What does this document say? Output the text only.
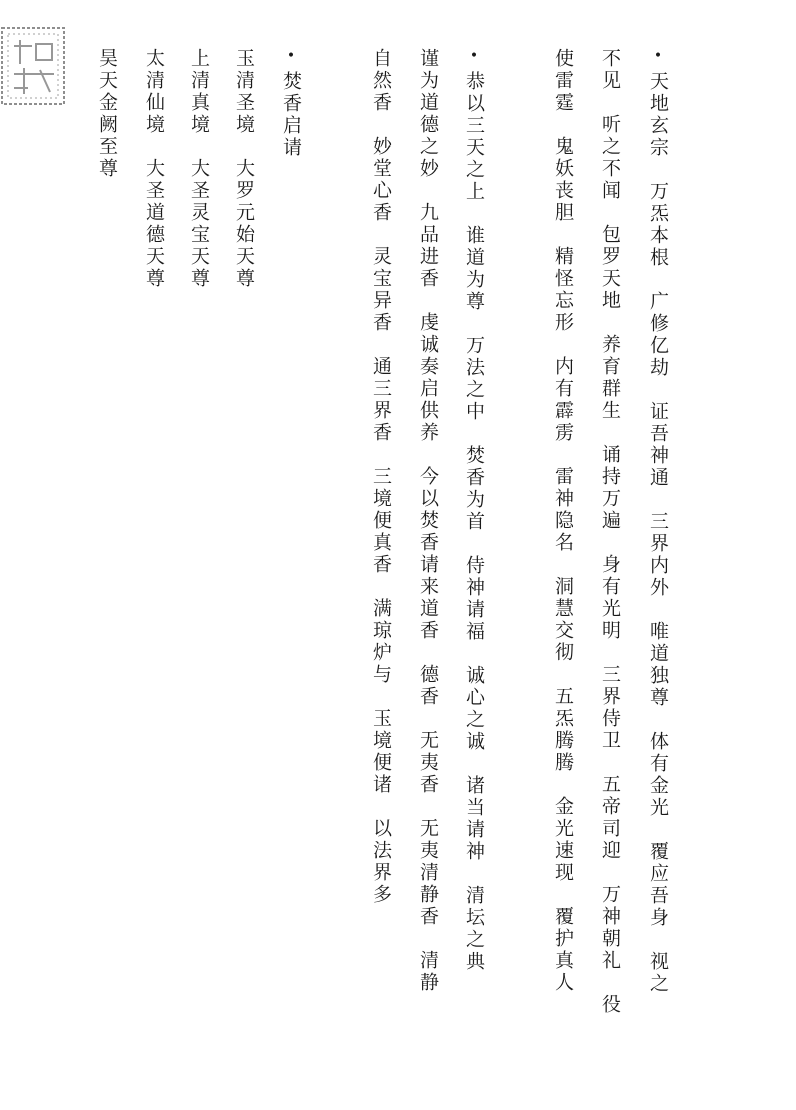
•天地玄宗　万炁本根　广修亿劫　证吾神通　三界内外　唯道独尊　体有金光　覆应吾身　视之
不见　听之不闻　包罗天地　养育群生　诵持万遍　身有光明　三界侍卫　五帝司迎　万神朝礼　役
使雷霆　鬼妖丧胆　精怪忘形　内有霹雳　雷神隐名　洞慧交彻　五炁腾腾　金光速现　覆护真人
•恭以三天之上　谁道为尊　万法之中　焚香为首　侍神请福　诚心之诚　诸当请神　清坛之典
谨为道德之妙　九品进香　虔诚奏启供养　今以焚香请来道香　德香　无夷香　无夷清静香　清静
自然香　妙堂心香　灵宝异香　通三界香　三境便真香　满琼炉与　玉境便诸　以法界多
•焚香启请
玉清圣境　大罗元始天尊
上清真境　大圣灵宝天尊
太清仙境　大圣道德天尊
昊天金阙至尊
